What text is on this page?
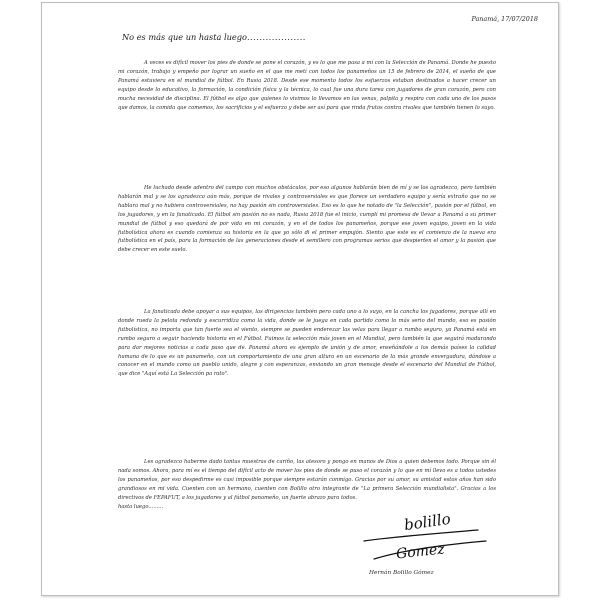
Panamá, 17/07/2018
No es más que un hasta luego...................

A veces es difícil mover los pies de donde se pone el corazón, y es lo que me pasa a mí con la Selección de Panamá. Donde he puesto mi corazón, trabajo y empeño por lograr un sueño en el que me metí con todos los panameños un 15 de febrero de 2014, el sueño de que Panamá estuviera en el mundial de fútbol. En Rusia 2018. Desde ese momento todos los esfuerzos estaban destinados a hacer crecer un equipo desde lo educativo, la formación, la condición física y la técnica, lo cual fue una dura tarea con jugadores de gran corazón, pero con mucha necesidad de disciplina. El fútbol es algo que quienes lo vivimos lo llevamos en las venas, palpita y respira con cada uno de los pasos que damos, la comida que comemos, los sacrificios y el esfuerzo y debe ser así para que rinda frutos contra rivales que también tienen lo suyo.

He luchado desde adentro del campo con muchos obstáculos, por eso algunos hablarán bien de mí y se los agradezco, pero también hablarán mal y se los agradezco aún más, porque de rivales y controversiales es que florece un verdadero equipo y sería extraño que no se hablara mal y no hubiera controversiales, no hay pasión sin controversiales. Eso es lo que he notado de "la Selección", pasión por el fútbol, en los jugadores, y en la fanaticada. El fútbol sin pasión no es nada, Rusia 2018 fue el inicio, cumplí mi promesa de llevar a Panamá a su primer mundial de fútbol y eso quedará de por vida en mi corazón, y en el de todos los panameños, porque ese joven equipo, joven en la vida futbolística ahora es cuando comienza su historia en la que yo sólo di el primer empujón. Siento que este es el comienzo de la nueva era futbolística en el país, para la formación de las generaciones desde el semillero con programas serios que despierten el amor y la pasión que debe crecer en este suelo.

La fanaticada debe apoyar a sus equipos, las dirigencias también pero cada uno a lo suyo, en la cancha los jugadores, porque allí en donde rueda la pelota redonda y escurridiza como la vida, donde se le juega en cada partido como lo más serio del mundo, eso es pasión futbolística, no importa que tan fuerte sea el viento, siempre se pueden enderezar las velas para llegar a rumbo seguro, ya Panamá está en rumbo seguro a seguir haciendo historia en el Fútbol. Fuimos la selección más joven en el Mundial, pero también la que seguirá madurando para dar mejores noticias a cada paso que de. Panamá ahora es ejemplo de unión y de amor, enseñándole a los demás países la calidad humana de lo que es un panameño, con un comportamiento de una gran altura en un escenario de la más grande envergadura, dándose a conocer en el mundo como un pueblo unido, alegre y con esperanzas, enviando un gran mensaje desde el escenario del Mundial de Fútbol, que dice "Aquí está La Selección pa rato".

Les agradezco haberme dado tantas muestras de cariño, las atesoro y pongo en manos de Dios a quien debemos todo. Porque sin él nada somos. Ahora, para mí es el tiempo del difícil acto de mover los pies de donde se puso el corazón y lo que en mí llevo es a todos ustedes los panameños, por eso despedirme es casi imposible porque siempre estarán conmigo. Gracias por su amor, su amistad estos años han sido grandiosos en mi vida. Cuenten con un hermano, cuenten con Bolillo otro integrante de "La primera Selección mundialista". Gracias a los directivos de FEPAFUT, a los jugadores y al fútbol panameño, un fuerte abrazo para todos.
hasta luego.........
bolillo
Gomez
Hernán Bolillo Gómez
